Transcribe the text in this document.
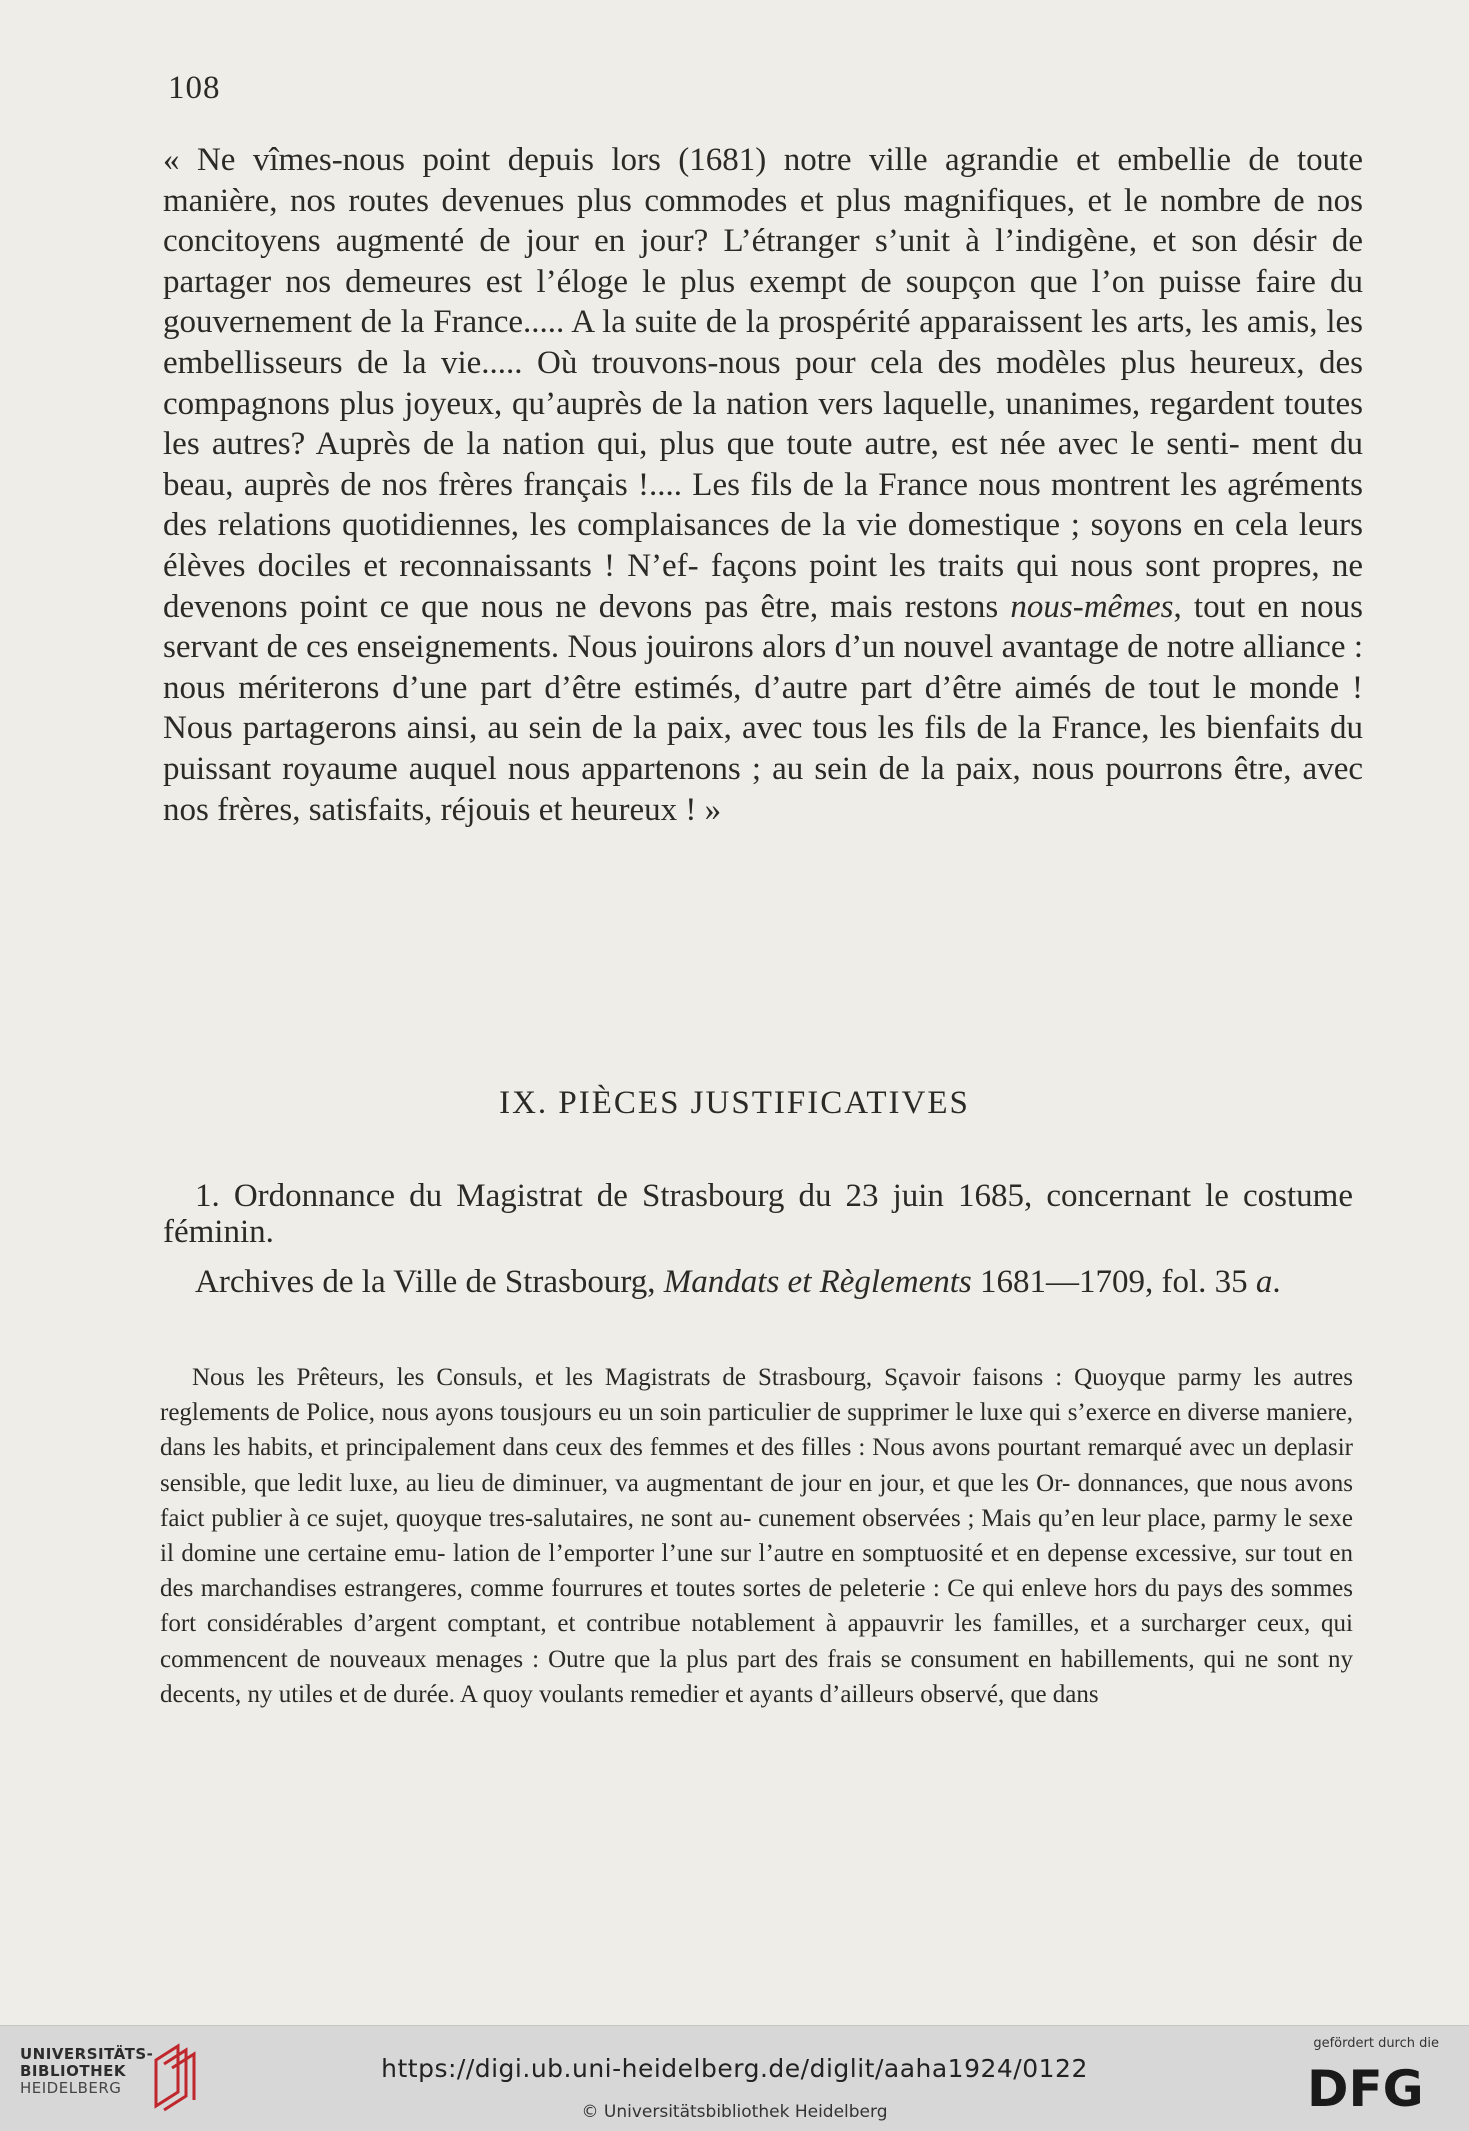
108

« Ne vîmes-nous point depuis lors (1681) notre ville agrandie et embellie de toute manière, nos routes devenues plus commodes et plus magnifiques, et le nombre de nos concitoyens augmenté de jour en jour? L’étranger s’unit à l’indigène, et son désir de partager nos demeures est l’éloge le plus exempt de soupçon que l’on puisse faire du gouvernement de la France..... A la suite de la prospérité apparaissent les arts, les amis, les embellisseurs de la vie..... Où trouvons-nous pour cela des modèles plus heureux, des compagnons plus joyeux, qu’auprès de la nation vers laquelle, unanimes, regardent toutes les autres? Auprès de la nation qui, plus que toute autre, est née avec le senti- ment du beau, auprès de nos frères français !.... Les fils de la France nous montrent les agréments des relations quotidiennes, les complaisances de la vie domestique ; soyons en cela leurs élèves dociles et reconnaissants ! N’ef- façons point les traits qui nous sont propres, ne devenons point ce que nous ne devons pas être, mais restons nous-mêmes, tout en nous servant de ces enseignements. Nous jouirons alors d’un nouvel avantage de notre alliance : nous mériterons d’une part d’être estimés, d’autre part d’être aimés de tout le monde ! Nous partagerons ainsi, au sein de la paix, avec tous les fils de la France, les bienfaits du puissant royaume auquel nous appartenons ; au sein de la paix, nous pourrons être, avec nos frères, satisfaits, réjouis et heureux ! »

IX. PIÈCES JUSTIFICATIVES

1. Ordonnance du Magistrat de Strasbourg du 23 juin 1685, concernant le costume féminin.

Archives de la Ville de Strasbourg, Mandats et Règlements 1681—1709, fol. 35 a.

Nous les Prêteurs, les Consuls, et les Magistrats de Strasbourg, Sçavoir faisons : Quoyque parmy les autres reglements de Police, nous ayons tousjours eu un soin particulier de supprimer le luxe qui s’exerce en diverse maniere, dans les habits, et principalement dans ceux des femmes et des filles : Nous avons pourtant remarqué avec un deplasir sensible, que ledit luxe, au lieu de diminuer, va augmentant de jour en jour, et que les Or- donnances, que nous avons faict publier à ce sujet, quoyque tres-salutaires, ne sont au- cunement observées ; Mais qu’en leur place, parmy le sexe il domine une certaine emu- lation de l’emporter l’une sur l’autre en somptuosité et en depense excessive, sur tout en des marchandises estrangeres, comme fourrures et toutes sortes de peleterie : Ce qui enleve hors du pays des sommes fort considérables d’argent comptant, et contribue notablement à appauvrir les familles, et a surcharger ceux, qui commencent de nouveaux menages : Outre que la plus part des frais se consument en habillements, qui ne sont ny decents, ny utiles et de durée. A quoy voulants remedier et ayants d’ailleurs observé, que dans

UNIVERSITÄTS-
BIBLIOTHEK
HEIDELBERG
https://digi.ub.uni-heidelberg.de/diglit/aaha1924/0122
© Universitätsbibliothek Heidelberg
gefördert durch die
DFG
